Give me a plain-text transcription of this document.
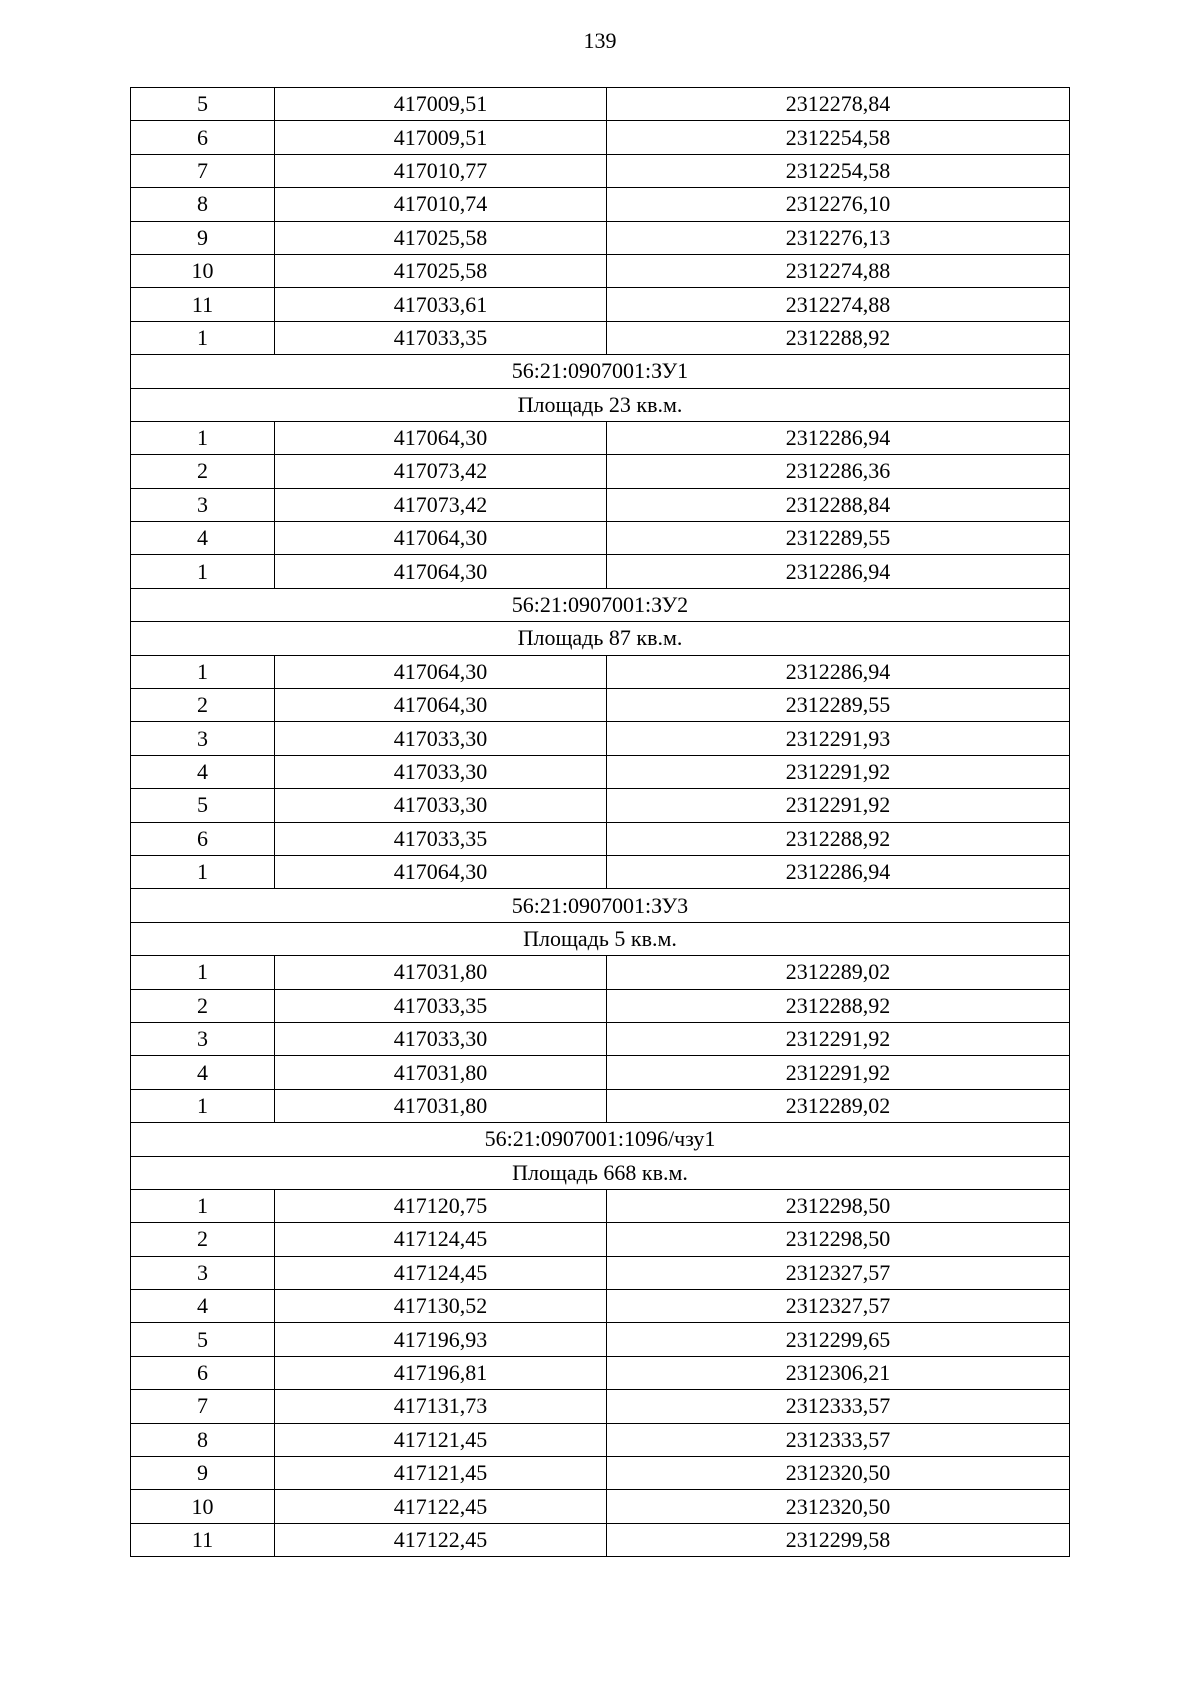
139
5	417009,51	2312278,84
6	417009,51	2312254,58
7	417010,77	2312254,58
8	417010,74	2312276,10
9	417025,58	2312276,13
10	417025,58	2312274,88
11	417033,61	2312274,88
1	417033,35	2312288,92
56:21:0907001:ЗУ1		
Площадь 23 кв.м.		
1	417064,30	2312286,94
2	417073,42	2312286,36
3	417073,42	2312288,84
4	417064,30	2312289,55
1	417064,30	2312286,94
56:21:0907001:ЗУ2		
Площадь 87 кв.м.		
1	417064,30	2312286,94
2	417064,30	2312289,55
3	417033,30	2312291,93
4	417033,30	2312291,92
5	417033,30	2312291,92
6	417033,35	2312288,92
1	417064,30	2312286,94
56:21:0907001:ЗУ3		
Площадь 5 кв.м.		
1	417031,80	2312289,02
2	417033,35	2312288,92
3	417033,30	2312291,92
4	417031,80	2312291,92
1	417031,80	2312289,02
56:21:0907001:1096/чзу1		
Площадь 668 кв.м.		
1	417120,75	2312298,50
2	417124,45	2312298,50
3	417124,45	2312327,57
4	417130,52	2312327,57
5	417196,93	2312299,65
6	417196,81	2312306,21
7	417131,73	2312333,57
8	417121,45	2312333,57
9	417121,45	2312320,50
10	417122,45	2312320,50
11	417122,45	2312299,58
